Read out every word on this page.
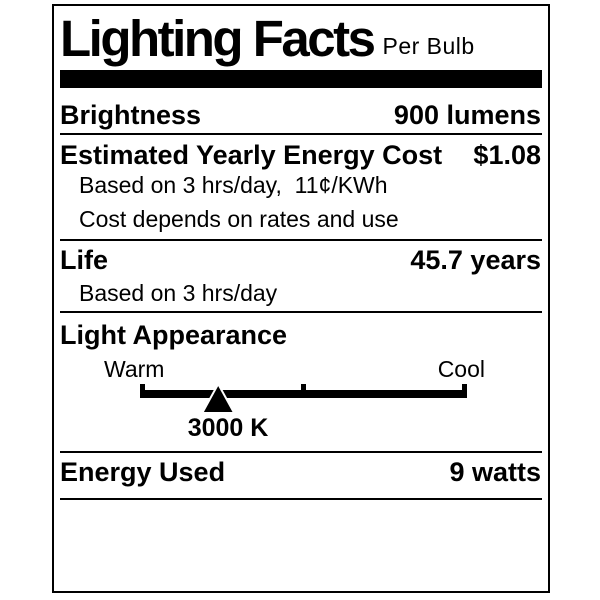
Lighting Facts Per Bulb
Brightness	900 lumens
Estimated Yearly Energy Cost $1.08
Based on 3 hrs/day,  11¢/KWh
Cost depends on rates and use
Life	45.7 years
Based on 3 hrs/day
Light Appearance
Warm	Cool
3000 K
Energy Used	9 watts
